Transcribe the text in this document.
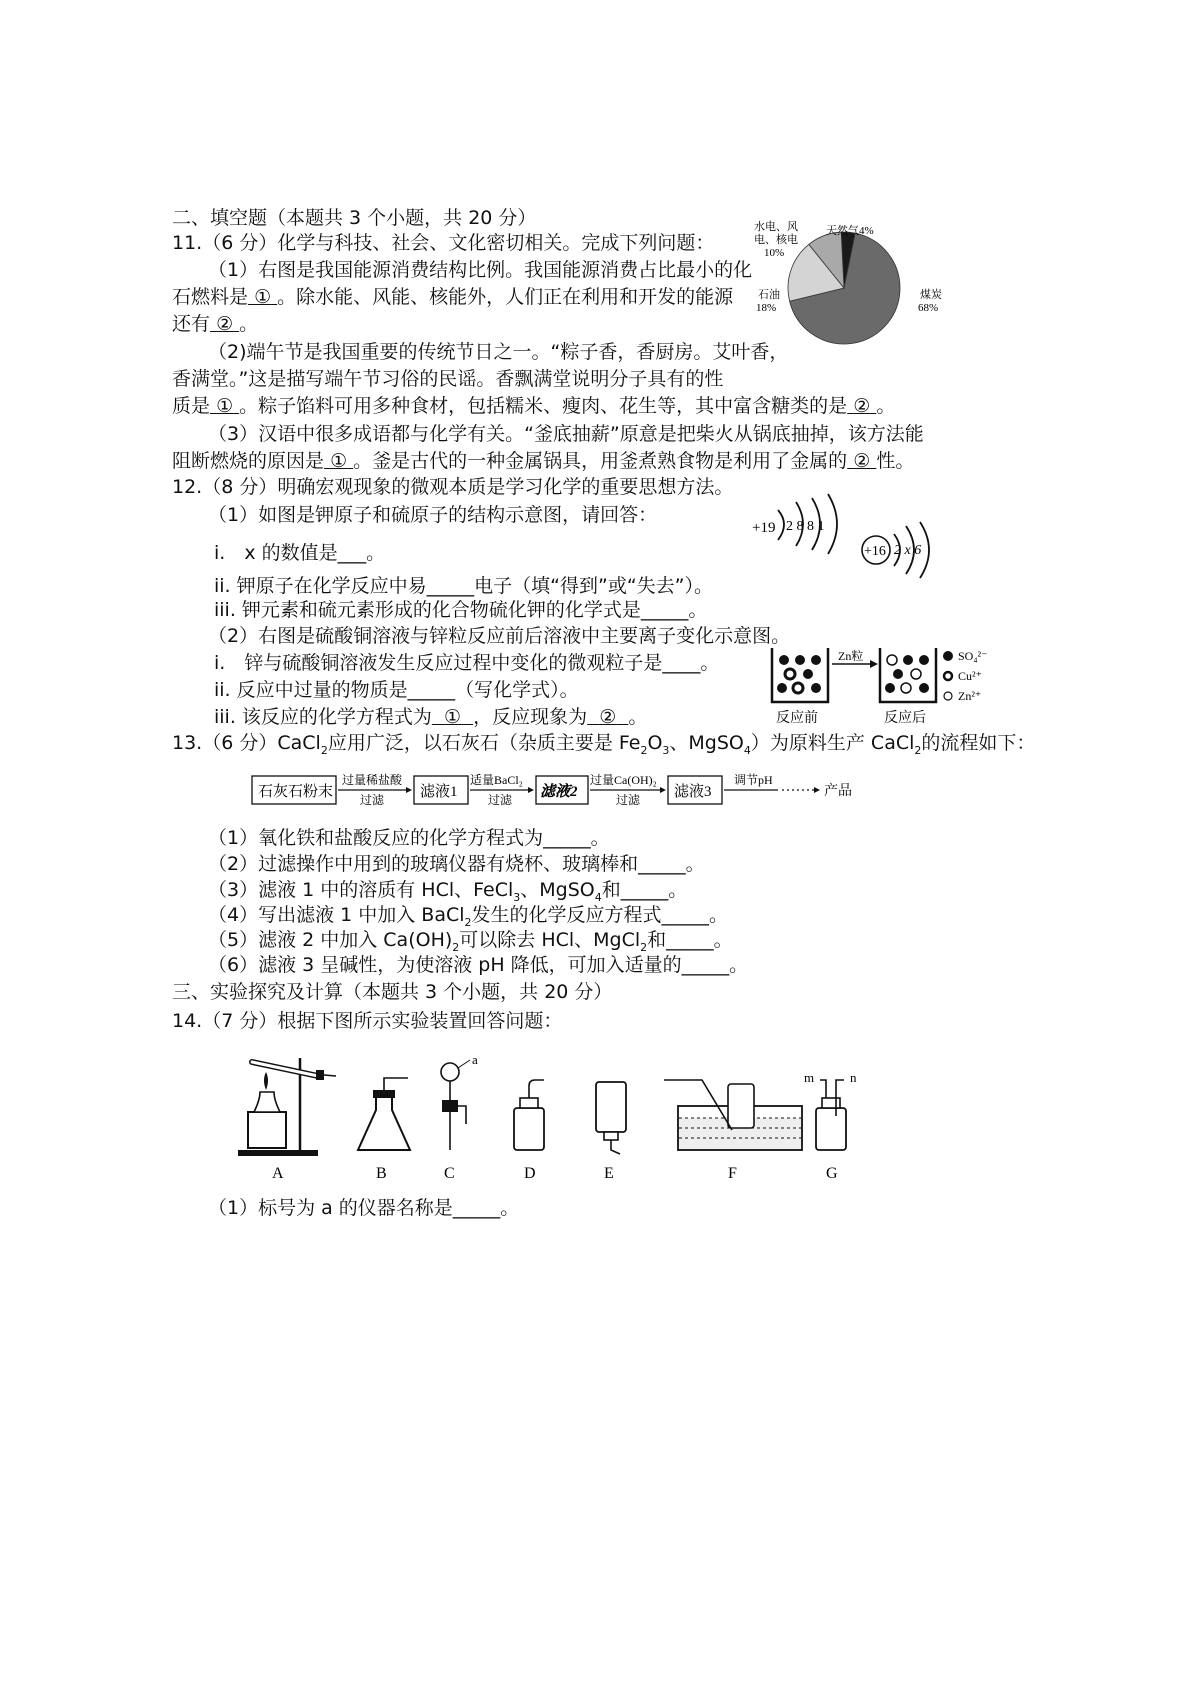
二、填空题（本题共 3 个小题，共 20 分）
11.（6 分）化学与科技、社会、文化密切相关。完成下列问题：
（1）右图是我国能源消费结构比例。我国能源消费占比最小的化
石燃料是 ① 。除水能、风能、核能外，人们正在利用和开发的能源
还有 ② 。
（2)端午节是我国重要的传统节日之一。“粽子香，香厨房。艾叶香，
香满堂。”这是描写端午节习俗的民谣。香飘满堂说明分子具有的性
质是 ① 。粽子馅料可用多种食材，包括糯米、瘦肉、花生等，其中富含糖类的是 ② 。
（3）汉语中很多成语都与化学有关。“釜底抽薪”原意是把柴火从锅底抽掉，该方法能
阻断燃烧的原因是 ① 。釜是古代的一种金属锅具，用釜煮熟食物是利用了金属的 ② 性。
水电、风
电、核电
10%
天然气4%
石油
18%
煤炭
68%
12.（8 分）明确宏观现象的微观本质是学习化学的重要思想方法。
（1）如图是钾原子和硫原子的结构示意图，请回答：
i.　x 的数值是___。
ii. 钾原子在化学反应中易_____电子（填“得到”或“失去”）。
iii. 钾元素和硫元素形成的化合物硫化钾的化学式是_____。
（2）右图是硫酸铜溶液与锌粒反应前后溶液中主要离子变化示意图。
i.　锌与硫酸铜溶液发生反应过程中变化的微观粒子是____。
ii. 反应中过量的物质是_____（写化学式）。
iii. 该反应的化学方程式为 ① ，反应现象为 ② 。
+19 2 8 8 1
+16 2 x 6
Zn粒	SO₄²⁻
Cu²⁺
Zn²⁺
反应前	反应后
13.（6 分）CaCl$_2$应用广泛，以石灰石（杂质主要是 $Fe_2O_3$、MgSO$_4$）为原料生产 CaCl$_2$的流程如下：
石灰石粉末
过量稀盐酸
过滤 滤液1
适量BaCl₂
过滤 滤液2
过量Ca(OH)₂
过滤 滤液3
调节pH
产品
（1）氧化铁和盐酸反应的化学方程式为_____。
（2）过滤操作中用到的玻璃仪器有烧杯、玻璃棒和_____。
（3）滤液 1 中的溶质有 HCl、FeCl$_3$、MgSO$_4$和_____。
（4）写出滤液 1 中加入 BaCl$_2$发生的化学反应方程式_____。
（5）滤液 2 中加入 $Ca(OH)_2$可以除去 HCl、MgCl$_2$和_____。
（6）滤液 3 呈碱性，为使溶液 pH 降低，可加入适量的_____。
三、实验探究及计算（本题共 3 个小题，共 20 分）
14.（7 分）根据下图所示实验装置回答问题：
A	B
a
C	D	E	F
m	n
G
（1）标号为 a 的仪器名称是_____。
